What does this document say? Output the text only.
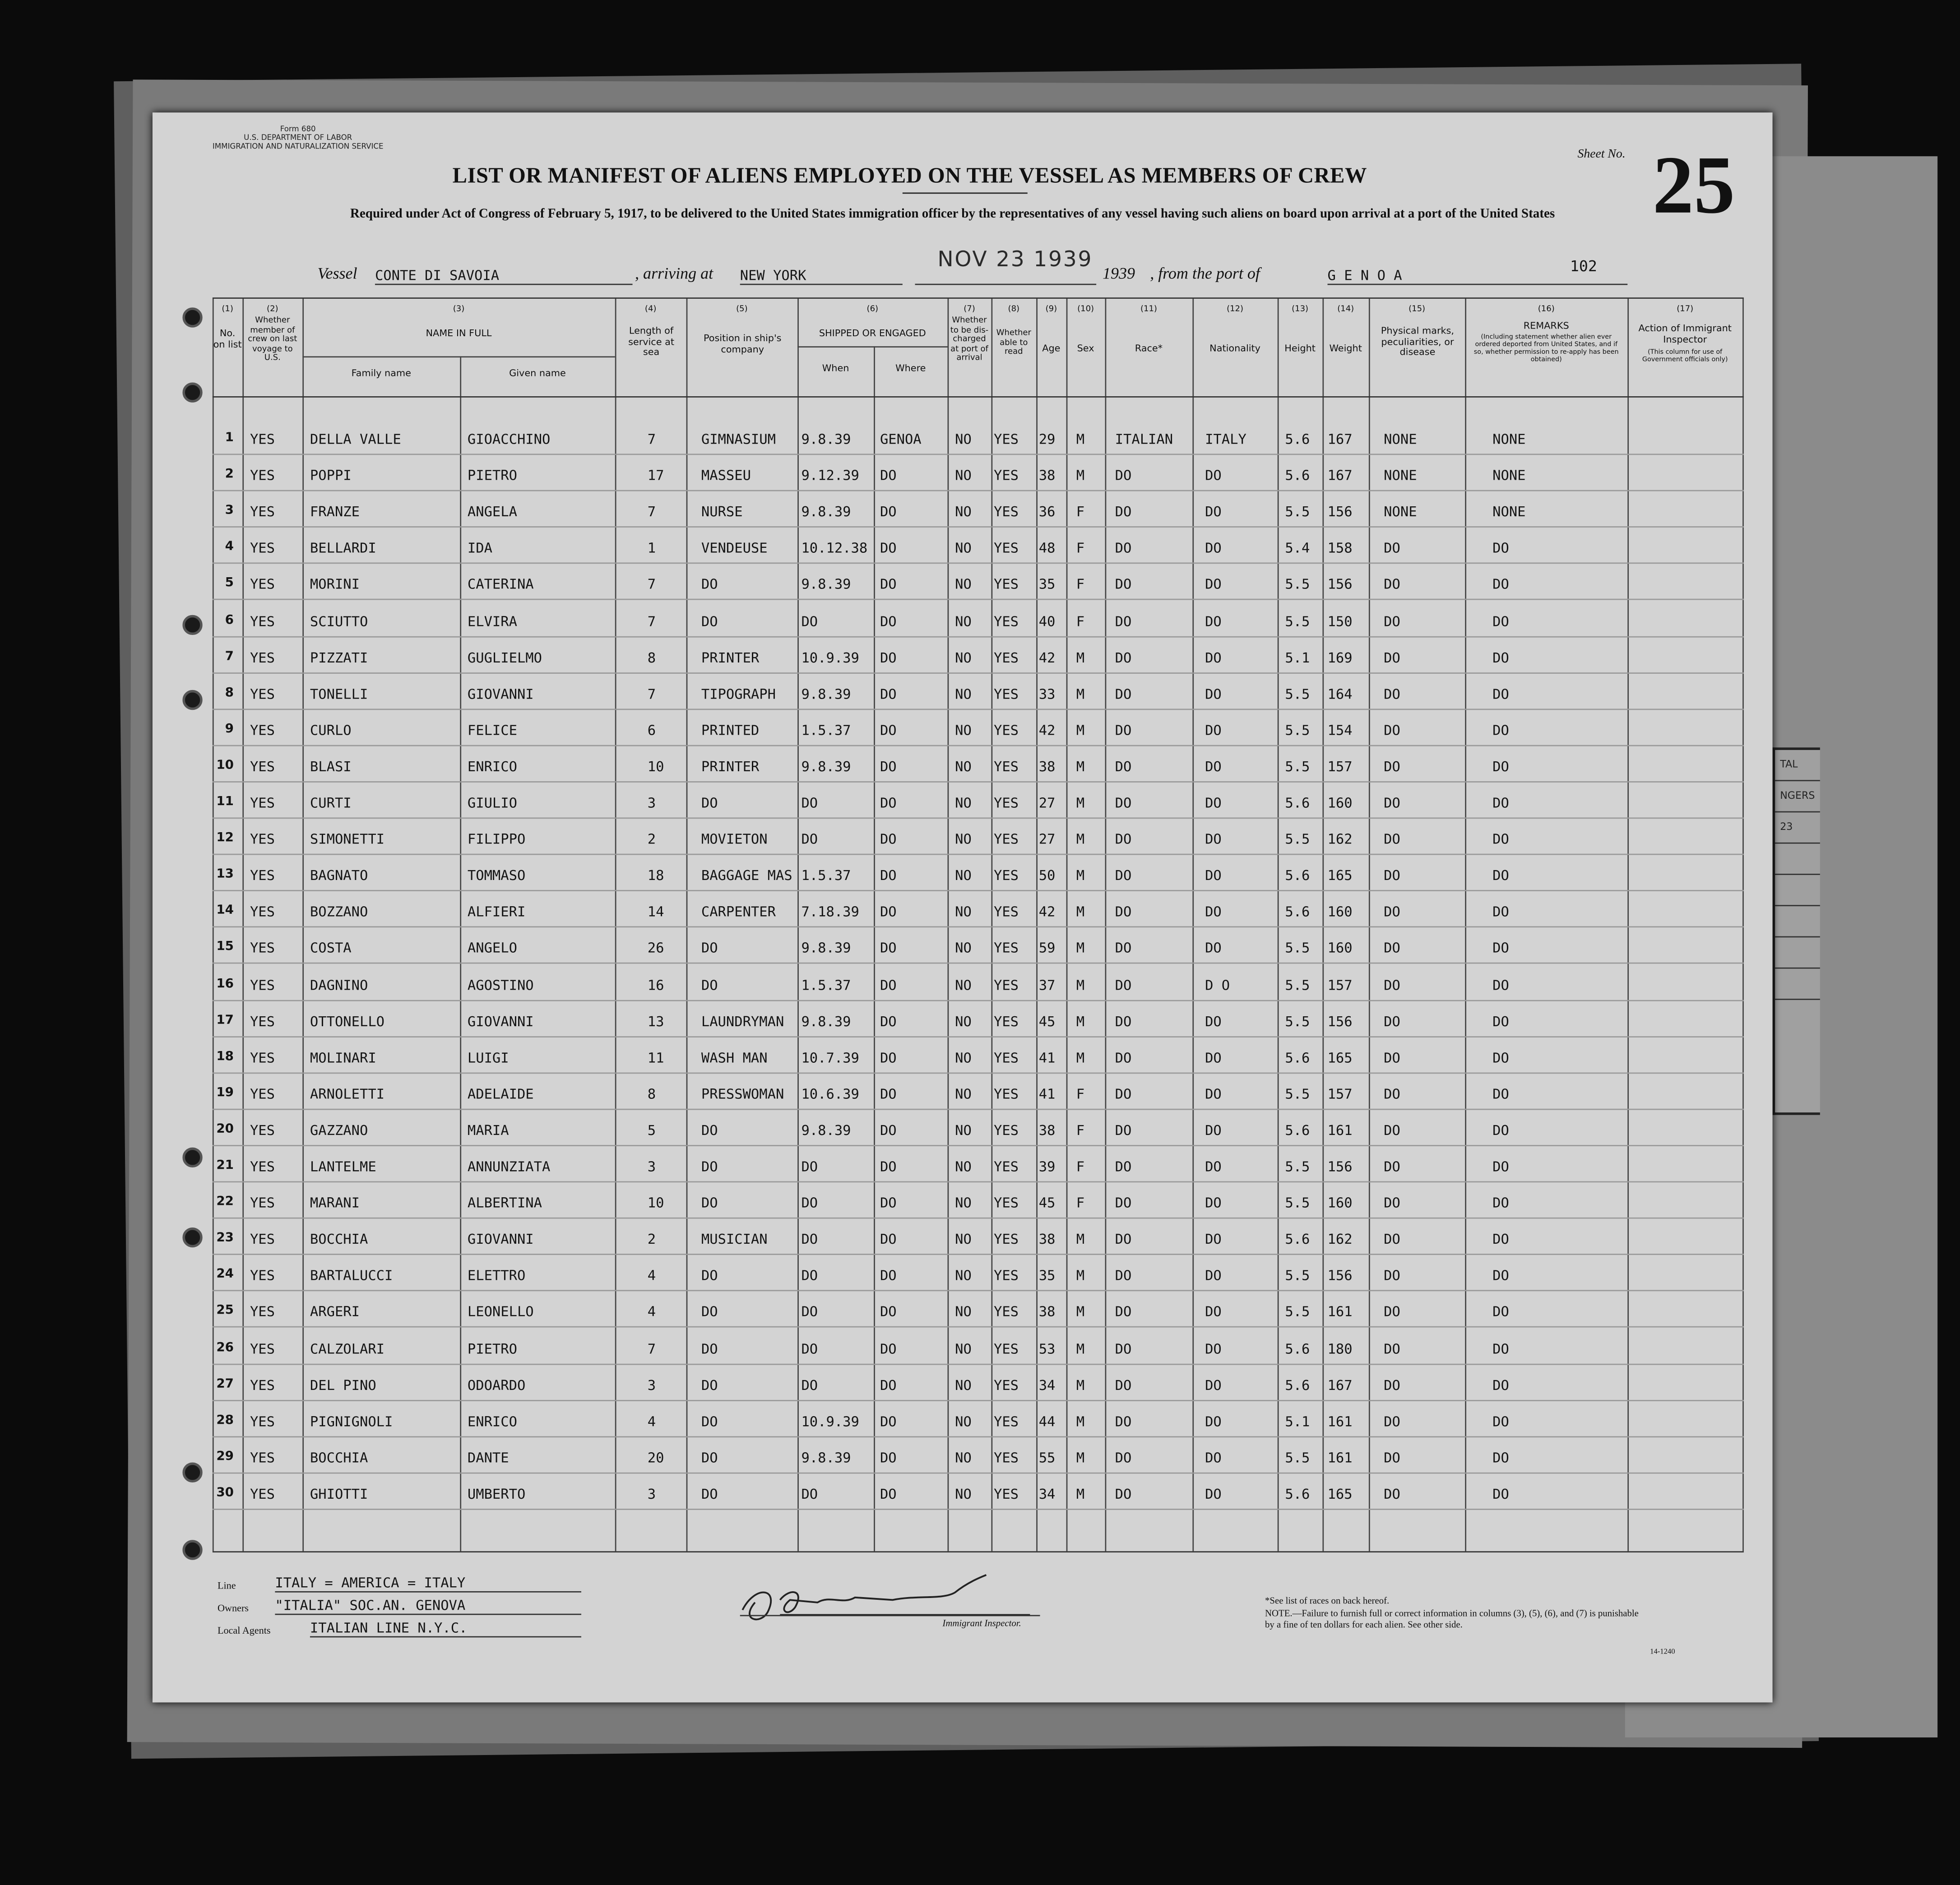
TAL
NGERS
23
Form 680
U.S. DEPARTMENT OF LABOR
IMMIGRATION AND NATURALIZATION SERVICE
LIST OR MANIFEST OF ALIENS EMPLOYED ON THE VESSEL AS MEMBERS OF CREW
Required under Act of Congress of February 5, 1917, to be delivered to the United States immigration officer by the representatives of any vessel having such aliens on board upon arrival at a port of the United States
Sheet No. 25
Vessel	CONTE DI SAVOIA	, arriving at	NEW YORK
NOV 23 1939
1939	, from the port of	G E N O A
102
(1)
No. on list
(2)
Whether member of crew on last voyage to U.S.
(3)
NAME IN FULL
Family name	Given name
(4)
Length of service at sea
(5)
Position in ship's company
(6)
SHIPPED OR ENGAGED
When	Where
(7)
Whether to be dis-charged at port of arrival
(8)
Whether able to read
(9)
Age
(10)
Sex
(11)
Race*
(12)
Nationality
(13)
Height
(14)
Weight
(15)
Physical marks, peculiarities, or disease
(16)
REMARKS
(Including statement whether alien ever ordered deported from United States, and if so, whether permission to re-apply has been obtained)
(17)
Action of Immigrant Inspector
(This column for use of Government officials only)
1	YES	DELLA VALLE	GIOACCHINO	7	GIMNASIUM	9.8.39	GENOA	NO	YES	29	M	ITALIAN	ITALY	5.6	167	NONE	NONE
2	YES	POPPI	PIETRO	17	MASSEU	9.12.39	DO	NO	YES	38	M	DO	DO	5.6	167	NONE	NONE
3	YES	FRANZE	ANGELA	7	NURSE	9.8.39	DO	NO	YES	36	F	DO	DO	5.5	156	NONE	NONE
4	YES	BELLARDI	IDA	1	VENDEUSE	10.12.38	DO	NO	YES	48	F	DO	DO	5.4	158	DO	DO
5	YES	MORINI	CATERINA	7	DO	9.8.39	DO	NO	YES	35	F	DO	DO	5.5	156	DO	DO
6	YES	SCIUTTO	ELVIRA	7	DO	DO	DO	NO	YES	40	F	DO	DO	5.5	150	DO	DO
7	YES	PIZZATI	GUGLIELMO	8	PRINTER	10.9.39	DO	NO	YES	42	M	DO	DO	5.1	169	DO	DO
8	YES	TONELLI	GIOVANNI	7	TIPOGRAPH	9.8.39	DO	NO	YES	33	M	DO	DO	5.5	164	DO	DO
9	YES	CURLO	FELICE	6	PRINTED	1.5.37	DO	NO	YES	42	M	DO	DO	5.5	154	DO	DO
10	YES	BLASI	ENRICO	10	PRINTER	9.8.39	DO	NO	YES	38	M	DO	DO	5.5	157	DO	DO
11	YES	CURTI	GIULIO	3	DO	DO	DO	NO	YES	27	M	DO	DO	5.6	160	DO	DO
12	YES	SIMONETTI	FILIPPO	2	MOVIETON	DO	DO	NO	YES	27	M	DO	DO	5.5	162	DO	DO
13	YES	BAGNATO	TOMMASO	18	BAGGAGE MAS 1.5.37	DO	NO	YES	50	M	DO	DO	5.6	165	DO	DO
14	YES	BOZZANO	ALFIERI	14	CARPENTER	7.18.39	DO	NO	YES	42	M	DO	DO	5.6	160	DO	DO
15	YES	COSTA	ANGELO	26	DO	9.8.39	DO	NO	YES	59	M	DO	DO	5.5	160	DO	DO
16	YES	DAGNINO	AGOSTINO	16	DO	1.5.37	DO	NO	YES	37	M	DO	D O	5.5	157	DO	DO
17	YES	OTTONELLO	GIOVANNI	13	LAUNDRYMAN	9.8.39	DO	NO	YES	45	M	DO	DO	5.5	156	DO	DO
18	YES	MOLINARI	LUIGI	11	WASH MAN	10.7.39	DO	NO	YES	41	M	DO	DO	5.6	165	DO	DO
19	YES	ARNOLETTI	ADELAIDE	8	PRESSWOMAN	10.6.39	DO	NO	YES	41	F	DO	DO	5.5	157	DO	DO
20	YES	GAZZANO	MARIA	5	DO	9.8.39	DO	NO	YES	38	F	DO	DO	5.6	161	DO	DO
21	YES	LANTELME	ANNUNZIATA	3	DO	DO	DO	NO	YES	39	F	DO	DO	5.5	156	DO	DO
22	YES	MARANI	ALBERTINA	10	DO	DO	DO	NO	YES	45	F	DO	DO	5.5	160	DO	DO
23	YES	BOCCHIA	GIOVANNI	2	MUSICIAN	DO	DO	NO	YES	38	M	DO	DO	5.6	162	DO	DO
24	YES	BARTALUCCI	ELETTRO	4	DO	DO	DO	NO	YES	35	M	DO	DO	5.5	156	DO	DO
25	YES	ARGERI	LEONELLO	4	DO	DO	DO	NO	YES	38	M	DO	DO	5.5	161	DO	DO
26	YES	CALZOLARI	PIETRO	7	DO	DO	DO	NO	YES	53	M	DO	DO	5.6	180	DO	DO
27	YES	DEL PINO	ODOARDO	3	DO	DO	DO	NO	YES	34	M	DO	DO	5.6	167	DO	DO
28	YES	PIGNIGNOLI	ENRICO	4	DO	10.9.39	DO	NO	YES	44	M	DO	DO	5.1	161	DO	DO
29	YES	BOCCHIA	DANTE	20	DO	9.8.39	DO	NO	YES	55	M	DO	DO	5.5	161	DO	DO
30	YES	GHIOTTI	UMBERTO	3	DO	DO	DO	NO	YES	34	M	DO	DO	5.6	165	DO	DO
Line	ITALY = AMERICA = ITALY
Owners	"ITALIA" SOC.AN. GENOVA
Local Agents	ITALIAN LINE N.Y.C.	Immigrant Inspector.
*See list of races on back hereof.
NOTE.—Failure to furnish full or correct information in columns (3), (5), (6), and (7) is punishable by a fine of ten dollars for each alien. See other side.
14-1240
